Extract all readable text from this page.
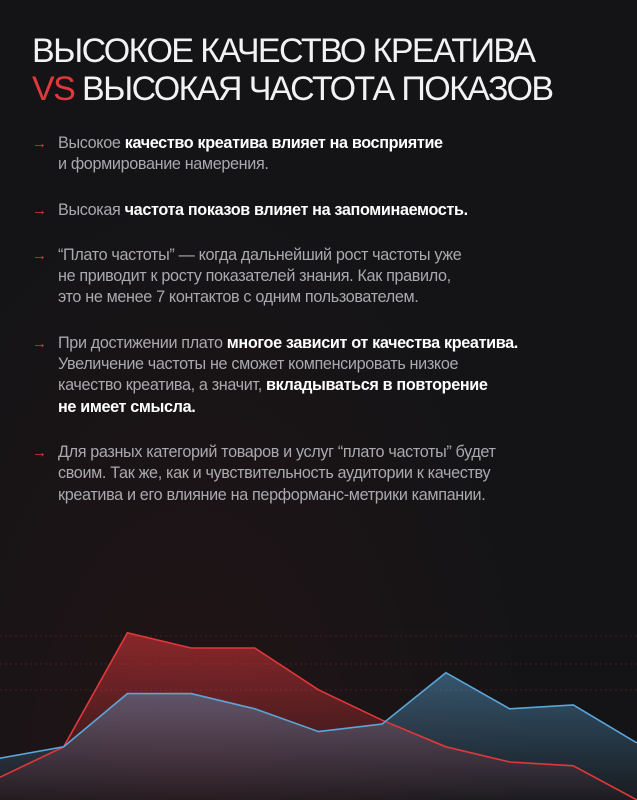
ВЫСОКОЕ КАЧЕСТВО КРЕАТИВА
VS ВЫСОКАЯ ЧАСТОТА ПОКАЗОВ
→ Высокое качество креатива влияет на восприятие
и формирование намерения.
→ Высокая частота показов влияет на запоминаемость.
→ “Плато частоты” — когда дальнейший рост частоты уже
не приводит к росту показателей знания. Как правило,
это не менее 7 контактов с одним пользователем.
→ При достижении плато многое зависит от качества креатива.
Увеличение частоты не сможет компенсировать низкое
качество креатива, а значит, вкладываться в повторение
не имеет смысла.
→ Для разных категорий товаров и услуг “плато частоты” будет
своим. Так же, как и чувствительность аудитории к качеству
креатива и его влияние на перформанс-метрики кампании.
